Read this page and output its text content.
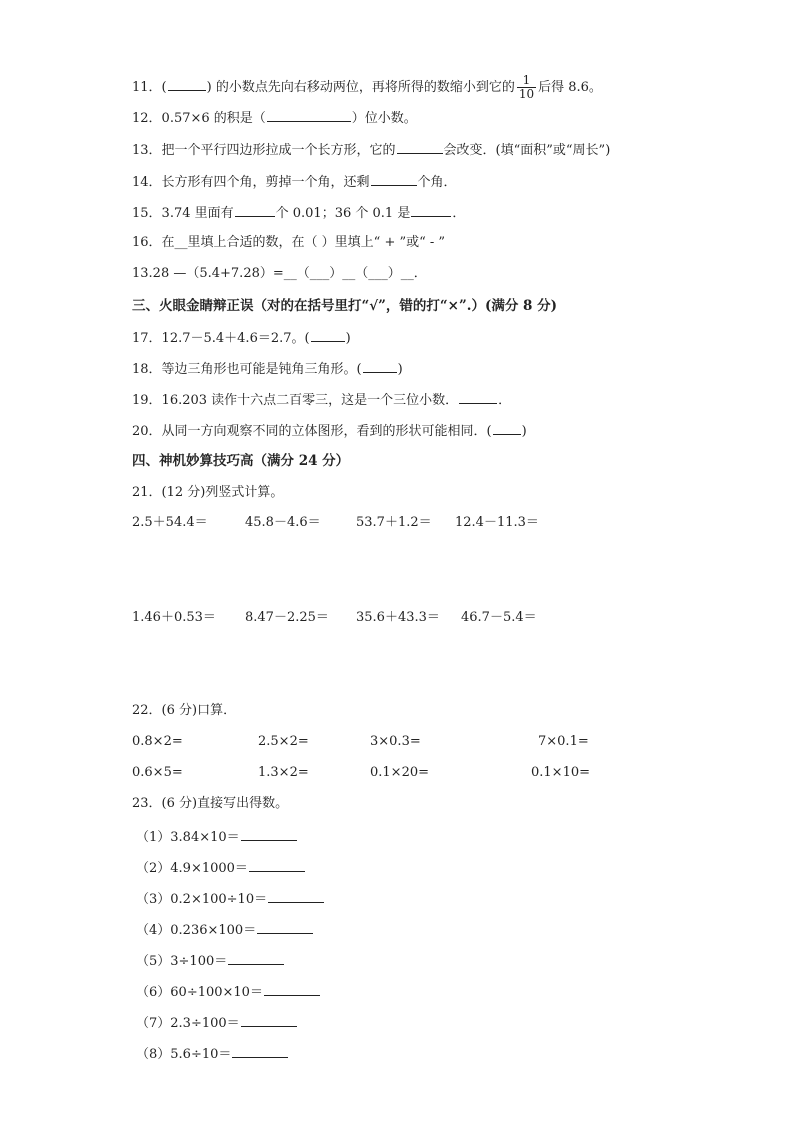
11．(	) 的小数点先向右移动两位，再将所得的数缩小到它的 $\frac{1}{10}$ 后得 8.6。
12．0.57×6 的积是（	）位小数。
13．把一个平行四边形拉成一个长方形，它的	会改变．(填“面积”或“周长”)
14．长方形有四个角，剪掉一个角，还剩	个角．
15．3.74 里面有	个 0.01；36 个 0.1 是	．
16．在__里填上合适的数，在（ ）里填上“ + ”或“ - ”
13.28 —（5.4+7.28）=__（___）__（___）__．
三、火眼金睛辩正误（对的在括号里打“√”，错的打“×”.）(满分 8 分)
17．12.7－5.4＋4.6＝2.7。(	)
18．等边三角形也可能是钝角三角形。(	)
19．16.203 读作十六点二百零三，这是一个三位小数．	．
20．从同一方向观察不同的立体图形，看到的形状可能相同．( )
四、神机妙算技巧高（满分 24 分）
21．(12 分)列竖式计算。
2.5＋54.4＝	45.8－4.6＝	53.7＋1.2＝ 12.4－11.3＝
1.46＋0.53＝ 8.47－2.25＝ 35.6＋43.3＝ 46.7－5.4＝
22．(6 分)口算．
0.8×2=	2.5×2=	3×0.3=	7×0.1=
0.6×5=	1.3×2=	0.1×20=	0.1×10=
23．(6 分)直接写出得数。
（1）3.84×10＝
（2）4.9×1000＝
（3）0.2×100÷10＝
（4）0.236×100＝
（5）3÷100＝
（6）60÷100×10＝
（7）2.3÷100＝
（8）5.6÷10＝
